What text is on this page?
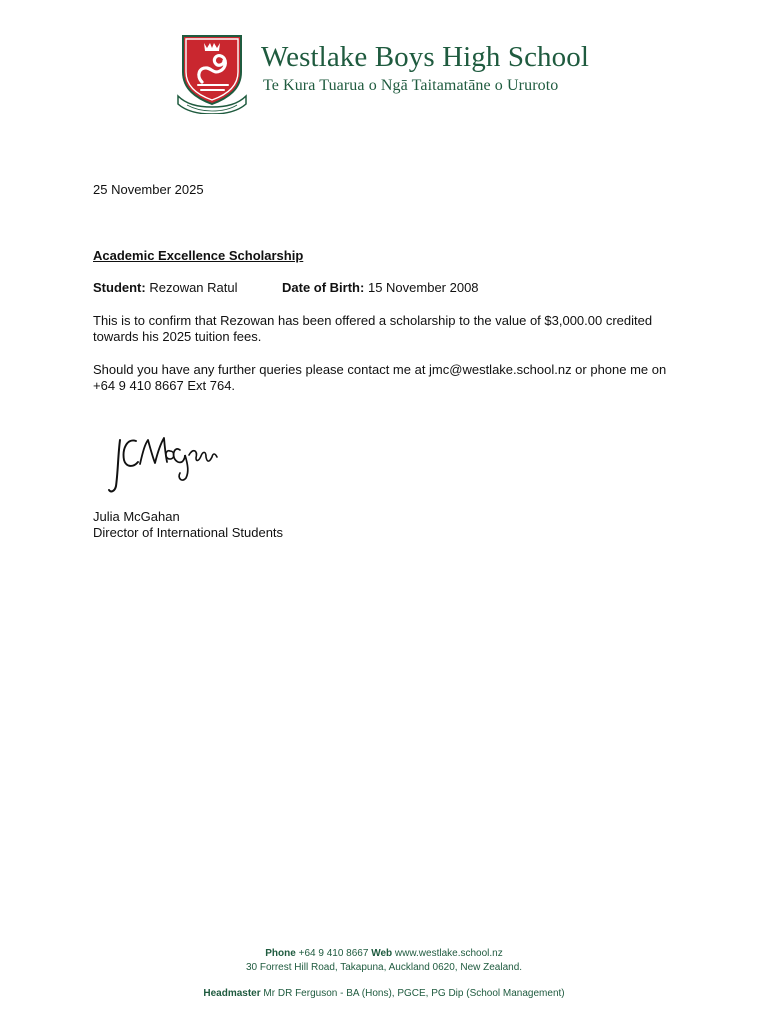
Westlake Boys High School
Te Kura Tuarua o Ngā Taitamatāne o Ururoto
25 November 2025
Academic Excellence Scholarship
Student: Rezowan Ratul	Date of Birth: 15 November 2008
This is to confirm that Rezowan has been offered a scholarship to the value of $3,000.00 credited towards his 2025 tuition fees.
Should you have any further queries please contact me at jmc@westlake.school.nz or phone me on +64 9 410 8667 Ext 764.
Julia McGahan
Director of International Students
Phone +64 9 410 8667 Web www.westlake.school.nz
30 Forrest Hill Road, Takapuna, Auckland 0620, New Zealand.
Headmaster Mr DR Ferguson - BA (Hons), PGCE, PG Dip (School Management)
